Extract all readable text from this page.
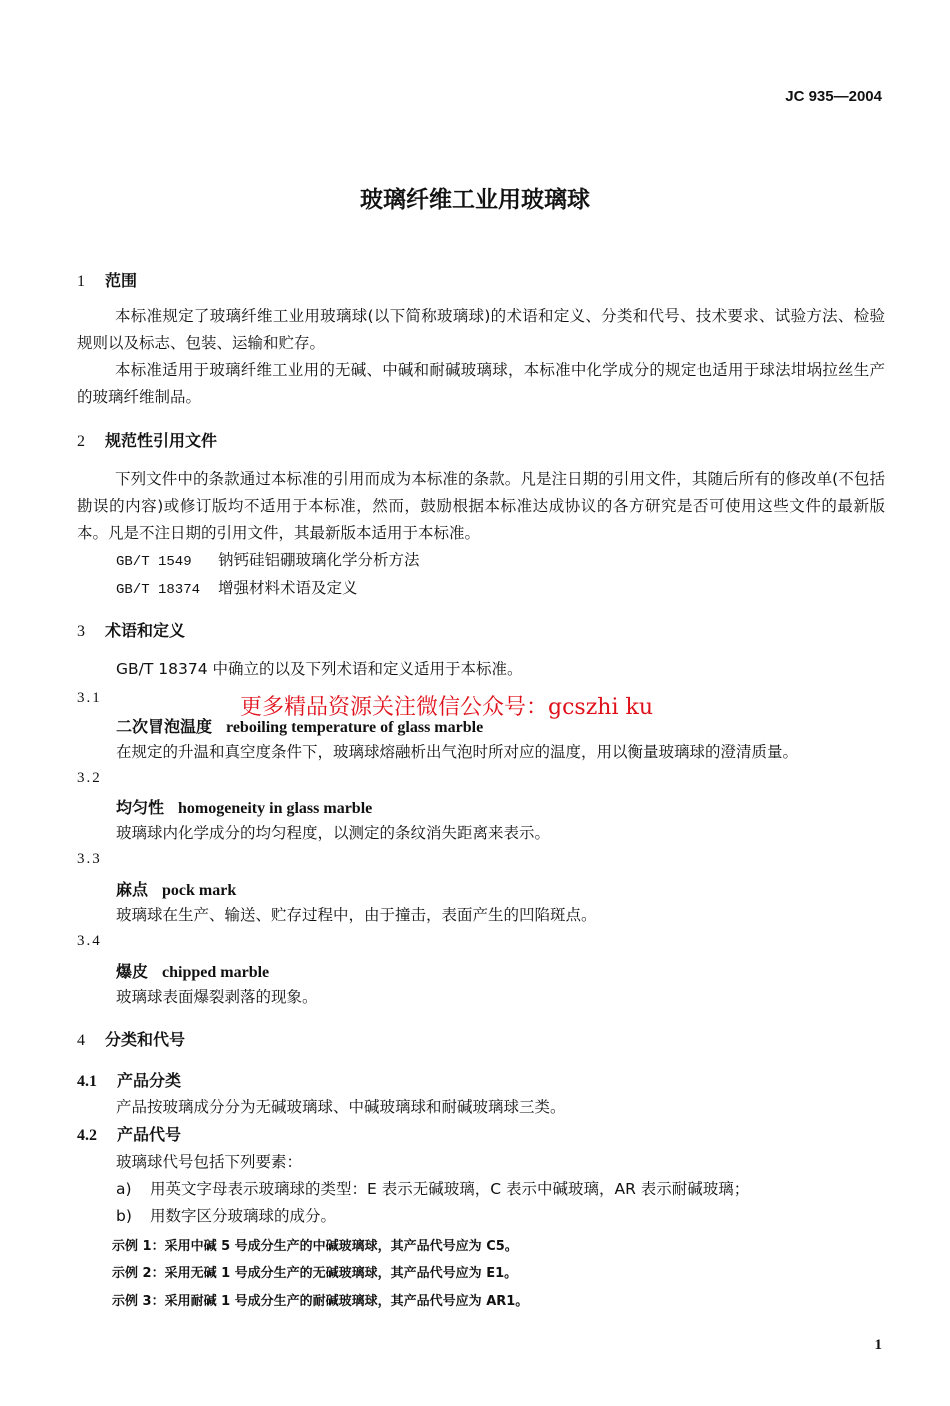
JC 935—2004
玻璃纤维工业用玻璃球
1 范围
本标准规定了玻璃纤维工业用玻璃球(以下简称玻璃球)的术语和定义、分类和代号、技术要求、试验方法、检验规则以及标志、包装、运输和贮存。
本标准适用于玻璃纤维工业用的无碱、中碱和耐碱玻璃球，本标准中化学成分的规定也适用于球法坩埚拉丝生产的玻璃纤维制品。
2 规范性引用文件
下列文件中的条款通过本标准的引用而成为本标准的条款。凡是注日期的引用文件，其随后所有的修改单(不包括勘误的内容)或修订版均不适用于本标准，然而，鼓励根据本标准达成协议的各方研究是否可使用这些文件的最新版本。凡是不注日期的引用文件，其最新版本适用于本标准。
GB/T 1549 钠钙硅铝硼玻璃化学分析方法
GB/T 18374 增强材料术语及定义
3 术语和定义
GB/T 18374 中确立的以及下列术语和定义适用于本标准。
3.1
二次冒泡温度 reboiling temperature of glass marble
在规定的升温和真空度条件下，玻璃球熔融析出气泡时所对应的温度，用以衡量玻璃球的澄清质量。
3.2
均匀性 homogeneity in glass marble
玻璃球内化学成分的均匀程度，以测定的条纹消失距离来表示。
3.3
麻点 pock mark
玻璃球在生产、输送、贮存过程中，由于撞击，表面产生的凹陷斑点。
3.4
爆皮 chipped marble
玻璃球表面爆裂剥落的现象。
4 分类和代号
4.1 产品分类
产品按玻璃成分分为无碱玻璃球、中碱玻璃球和耐碱玻璃球三类。
4.2 产品代号
玻璃球代号包括下列要素：
a) 用英文字母表示玻璃球的类型：E 表示无碱玻璃，C 表示中碱玻璃，AR 表示耐碱玻璃；
b) 用数字区分玻璃球的成分。
示例 1：采用中碱 5 号成分生产的中碱玻璃球，其产品代号应为 C5。
示例 2：采用无碱 1 号成分生产的无碱玻璃球，其产品代号应为 E1。
示例 3：采用耐碱 1 号成分生产的耐碱玻璃球，其产品代号应为 AR1。
更多精品资源关注微信公众号：gcszhi ku
1
